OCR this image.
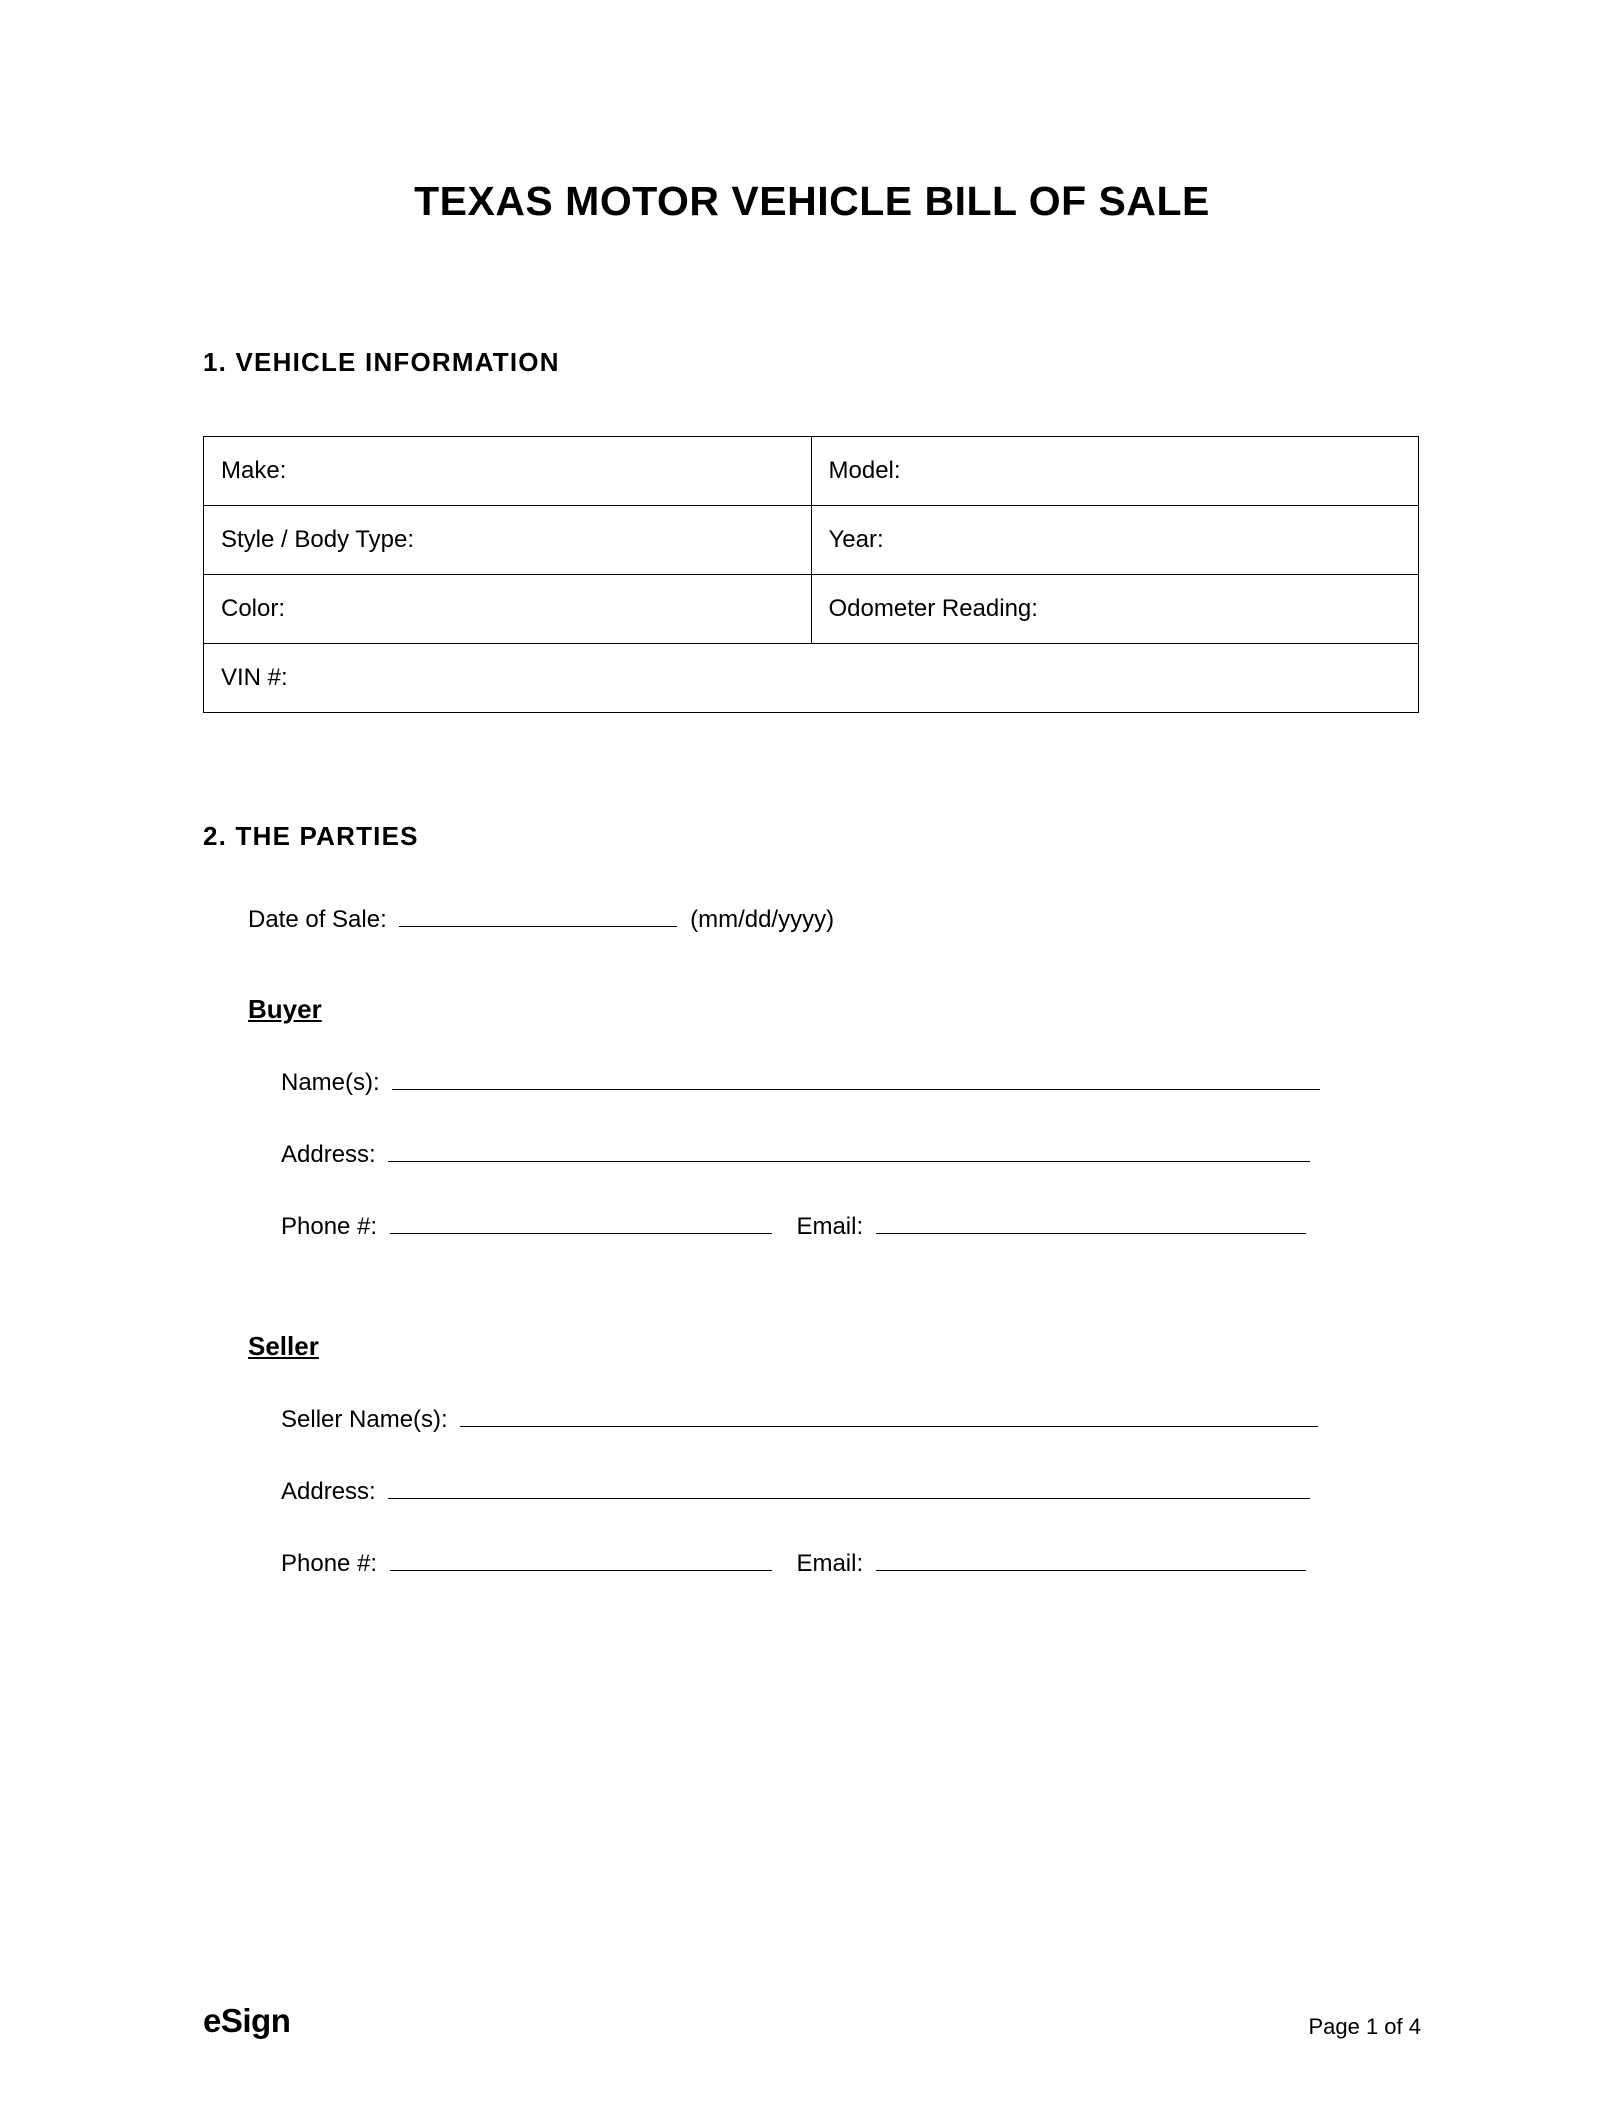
TEXAS MOTOR VEHICLE BILL OF SALE
1. VEHICLE INFORMATION
Make:	Model:
Style / Body Type:	Year:
Color:	Odometer Reading:
VIN #:	
2. THE PARTIES
Date of Sale:	(mm/dd/yyyy)
Buyer
Name(s):
Address:
Phone #:	Email:
Seller
Seller Name(s):
Address:
Phone #:	Email:
eSign	Page 1 of 4
